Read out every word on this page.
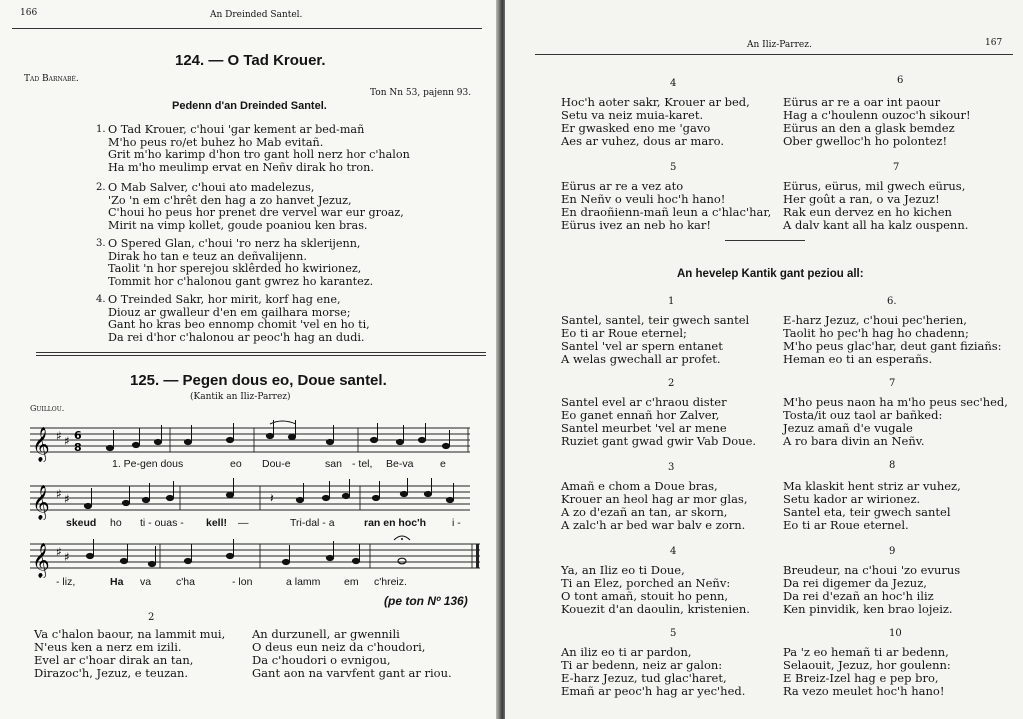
166	An Dreinded Santel.
124. — O Tad Krouer.
Tad Barnabé.
Ton Nn 53, pajenn 93.
Pedenn d'an Dreinded Santel.
1. O Tad Krouer, c'houi 'gar kement ar bed-mañ
M'ho peus ro/et buhez ho Mab evitañ.
Grit m'ho karimp d'hon tro gant holl nerz hor c'halon
Ha m'ho meulimp ervat en Neñv dirak ho tron.
2. O Mab Salver, c'houi ato madelezus,
'Zo 'n em c'hrêt den hag a zo hanvet Jezuz,
C'houi ho peus hor prenet dre vervel war eur groaz,
Mirit na vimp kollet, goude poaniou ken bras.
3. O Spered Glan, c'houi 'ro nerz ha sklerijenn,
Dirak ho tan e teuz an deñvalijenn.
Taolit 'n hor sperejou sklêrded ho kwirionez,
Tommit hor c'halonou gant gwrez ho karantez.
4. O Treinded Sakr, hor mirit, korf hag ene,
Diouz ar gwalleur d'en em gailhara morse;
Gant ho kras beo ennomp chomit 'vel en ho ti,
Da rei d'hor c'halonou ar peoc'h hag an dudi.
125. — Pegen dous eo, Doue santel.
(Kantik an Iliz-Parrez)
Guillou.
𝄞 ♯ ♯ 6
8
1. Pe-gen dous	eo Dou-e	san - tel, Be-va	e
𝄞 ♯ ♯	𝄽
skeud ho ti - ouas - kell! —	Tri-dal - a	ran en hoc'h i -
𝄞 ♯ ♯
- liz,	Ha va c'ha	- lon	a lamm em c'hreiz.
(pe ton Nº 136)
2
Va c'halon baour, na lammit mui,
N'eus ken a nerz em izili.
Evel ar c'hoar dirak an tan,
Dirazoc'h, Jezuz, e teuzan.
An durzunell, ar gwennili
O deus eun neiz da c'houdori,
Da c'houdori o evnigou,
Gant aon na varvfent gant ar riou.
An Iliz-Parrez.	167
4
Hoc'h aoter sakr, Krouer ar bed,
Setu va neiz muia-karet.
Er gwasked eno me 'gavo
Aes ar vuhez, dous ar maro.
6
Eürus ar re a oar int paour
Hag a c'houlenn ouzoc'h sikour!
Eürus an den a glask bemdez
Ober gwelloc'h ho polontez!
5
Eürus ar re a vez ato
En Neñv o veuli hoc'h hano!
En draoñienn-mañ leun a c'hlac'har,
Eürus ivez an neb ho kar!
7
Eürus, eürus, mil gwech eürus,
Her goût a ran, o va Jezuz!
Rak eun dervez en ho kichen
A dalv kant all ha kalz ouspenn.
An hevelep Kantik gant peziou all:
1
Santel, santel, teir gwech santel
Eo ti ar Roue eternel;
Santel 'vel ar spern entanet
A welas gwechall ar profet.
6.
E-harz Jezuz, c'houi pec'herien,
Taolit ho pec'h hag ho chadenn;
M'ho peus glac'har, deut gant fiziañs:
Heman eo ti an esperañs.
2
Santel evel ar c'hraou dister
Eo ganet ennañ hor Zalver,
Santel meurbet 'vel ar mene
Ruziet gant gwad gwir Vab Doue.
7
M'ho peus naon ha m'ho peus sec'hed,
Tosta/it ouz taol ar bañked:
Jezuz amañ d'e vugale
A ro bara divin an Neñv.
3
Amañ e chom a Doue bras,
Krouer an heol hag ar mor glas,
A zo d'ezañ an tan, ar skorn,
A zalc'h ar bed war balv e zorn.
8
Ma klaskit hent striz ar vuhez,
Setu kador ar wirionez.
Santel eta, teir gwech santel
Eo ti ar Roue eternel.
4
Ya, an Iliz eo ti Doue,
Ti an Elez, porched an Neñv:
O tont amañ, stouit ho penn,
Kouezit d'an daoulin, kristenien.
9
Breudeur, na c'houi 'zo evurus
Da rei digemer da Jezuz,
Da rei d'ezañ an hoc'h iliz
Ken pinvidik, ken brao lojeiz.
5
An iliz eo ti ar pardon,
Ti ar bedenn, neiz ar galon:
E-harz Jezuz, tud glac'haret,
Emañ ar peoc'h hag ar yec'hed.
10
Pa 'z eo hemañ ti ar bedenn,
Selaouit, Jezuz, hor goulenn:
E Breiz-Izel hag e pep bro,
Ra vezo meulet hoc'h hano!
